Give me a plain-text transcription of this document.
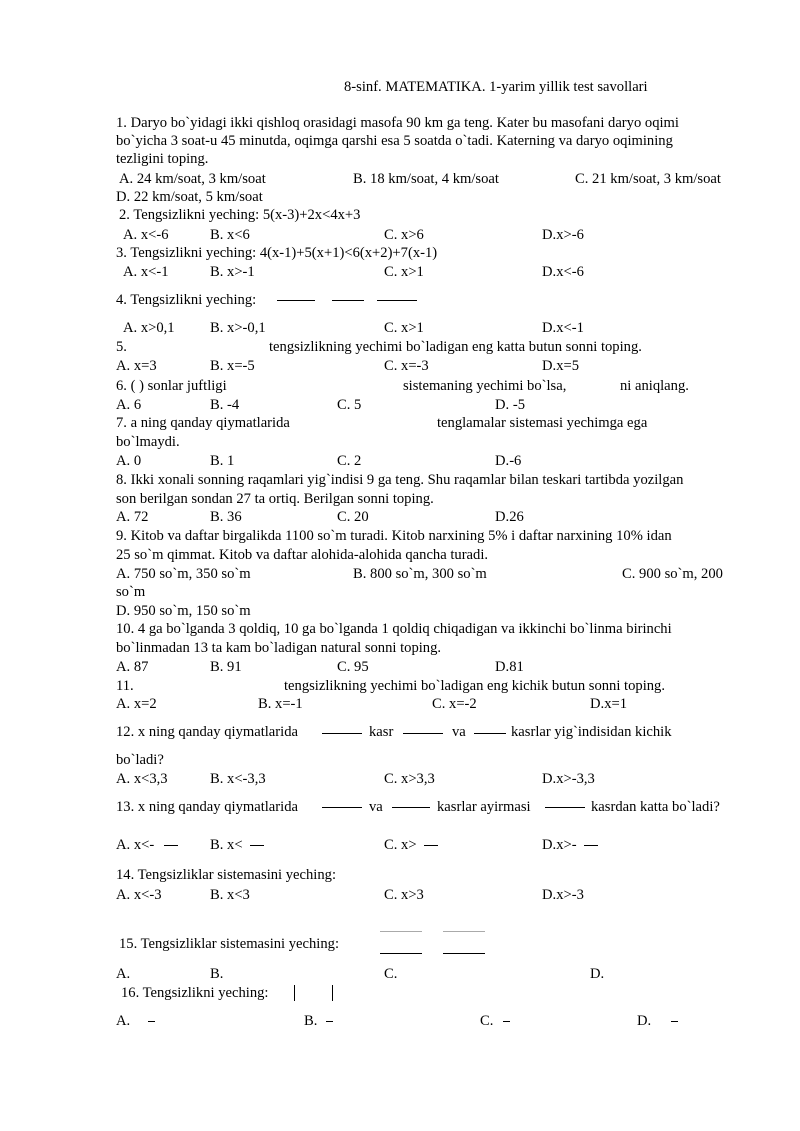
8-sinf. MATEMATIKA. 1-yarim yillik test savollari
1. Daryo bo`yidagi ikki qishloq orasidagi masofa 90 km ga teng. Kater bu masofani daryo oqimi
bo`yicha 3 soat-u 45 minutda, oqimga qarshi esa 5 soatda o`tadi. Katerning va daryo oqimining
tezligini toping.
A. 24 km/soat, 3 km/soat	B. 18 km/soat, 4 km/soat	C. 21 km/soat, 3 km/soat
D. 22 km/soat, 5 km/soat
2. Tengsizlikni yeching: 5(x-3)+2x<4x+3
A. x<-6	B. x<6	C. x>6	D.x>-6
3. Tengsizlikni yeching: 4(x-1)+5(x+1)<6(x+2)+7(x-1)
A. x<-1	B. x>-1	C. x>1	D.x<-6
4. Tengsizlikni yeching:
A. x>0,1 B. x>-0,1	C. x>1	D.x<-1
5.	tengsizlikning yechimi bo`ladigan eng katta butun sonni toping.
A. x=3	B. x=-5	C. x=-3	D.x=5
6. ( ) sonlar juftligi	sistemaning yechimi bo`lsa,	ni aniqlang.
A. 6	B. -4	C. 5	D. -5
7. a ning qanday qiymatlarida	tenglamalar sistemasi yechimga ega
bo`lmaydi.
A. 0	B. 1	C. 2	D.-6
8. Ikki xonali sonning raqamlari yig`indisi 9 ga teng. Shu raqamlar bilan teskari tartibda yozilgan
son berilgan sondan 27 ta ortiq. Berilgan sonni toping.
A. 72	B. 36	C. 20	D.26
9. Kitob va daftar birgalikda 1100 so`m turadi. Kitob narxining 5% i daftar narxining 10% idan
25 so`m qimmat. Kitob va daftar alohida-alohida qancha turadi.
A. 750 so`m, 350 so`m	B. 800 so`m, 300 so`m	C. 900 so`m, 200
so`m
D. 950 so`m, 150 so`m
10. 4 ga bo`lganda 3 qoldiq, 10 ga bo`lganda 1 qoldiq chiqadigan va ikkinchi bo`linma birinchi
bo`linmadan 13 ta kam bo`ladigan natural sonni toping.
A. 87	B. 91	C. 95	D.81
11.	tengsizlikning yechimi bo`ladigan eng kichik butun sonni toping.
A. x=2	B. x=-1	C. x=-2	D.x=1
12. x ning qanday qiymatlarida	kasr	va	kasrlar yig`indisidan kichik
bo`ladi?
A. x<3,3	B. x<-3,3	C. x>3,3	D.x>-3,3
13. x ning qanday qiymatlarida	va	kasrlar ayirmasi	kasrdan katta bo`ladi?
A. x<-	B. x<	C. x>	D.x>-
14. Tengsizliklar sistemasini yeching:
A. x<-3	B. x<3	C. x>3	D.x>-3
15. Tengsizliklar sistemasini yeching:
A.	B.	C.	D.
16. Tengsizlikni yeching:
A.	B.	C.	D.
